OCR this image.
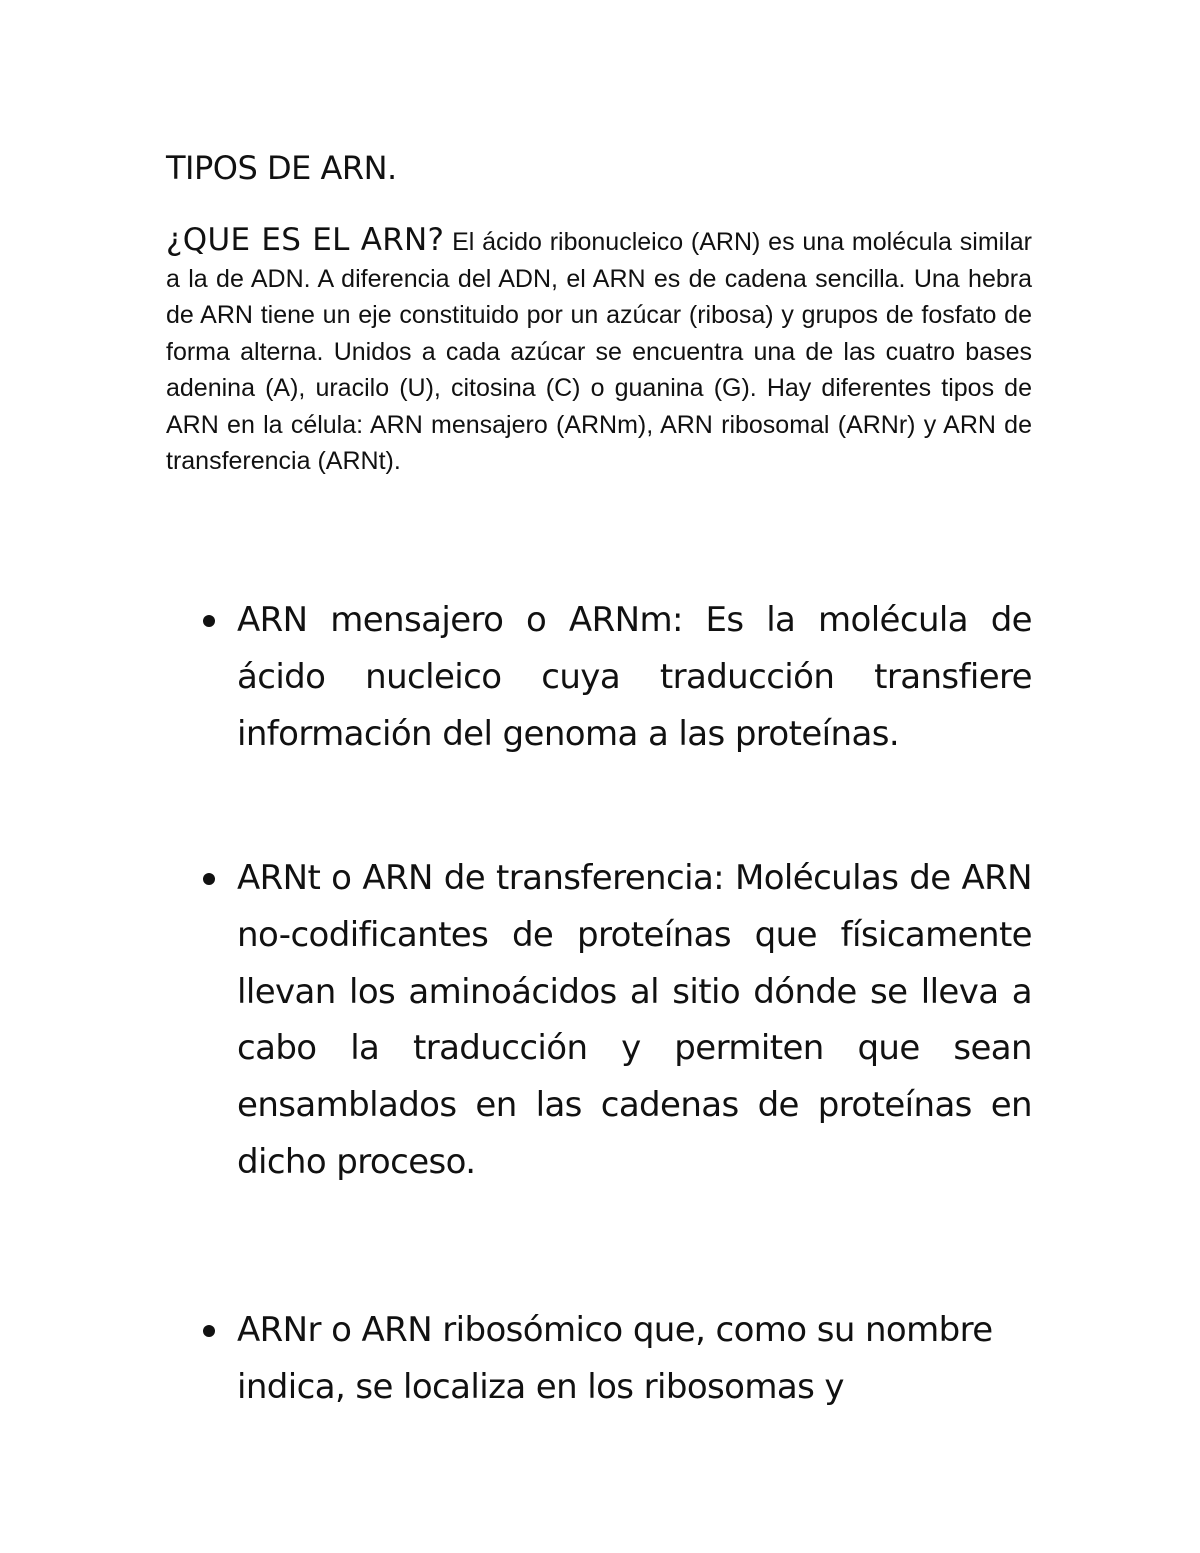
TIPOS DE ARN.

¿QUE ES EL ARN? El ácido ribonucleico (ARN) es una molécula similar a la de ADN. A diferencia del ADN, el ARN es de cadena sencilla. Una hebra de ARN tiene un eje constituido por un azúcar (ribosa) y grupos de fosfato de forma alterna. Unidos a cada azúcar se encuentra una de las cuatro bases adenina (A), uracilo (U), citosina (C) o guanina (G). Hay diferentes tipos de ARN en la célula: ARN mensajero (ARNm), ARN ribosomal (ARNr) y ARN de transferencia (ARNt).

ARN mensajero o ARNm: Es la molécula de ácido nucleico cuya traducción transfiere información del genoma a las proteínas.
ARNt o ARN de transferencia: Moléculas de ARN no-codificantes de proteínas que físicamente llevan los aminoácidos al sitio dónde se lleva a cabo la traducción y permiten que sean ensamblados en las cadenas de proteínas en dicho proceso.
ARNr o ARN ribosómico que, como su nombre indica, se localiza en los ribosomas y
